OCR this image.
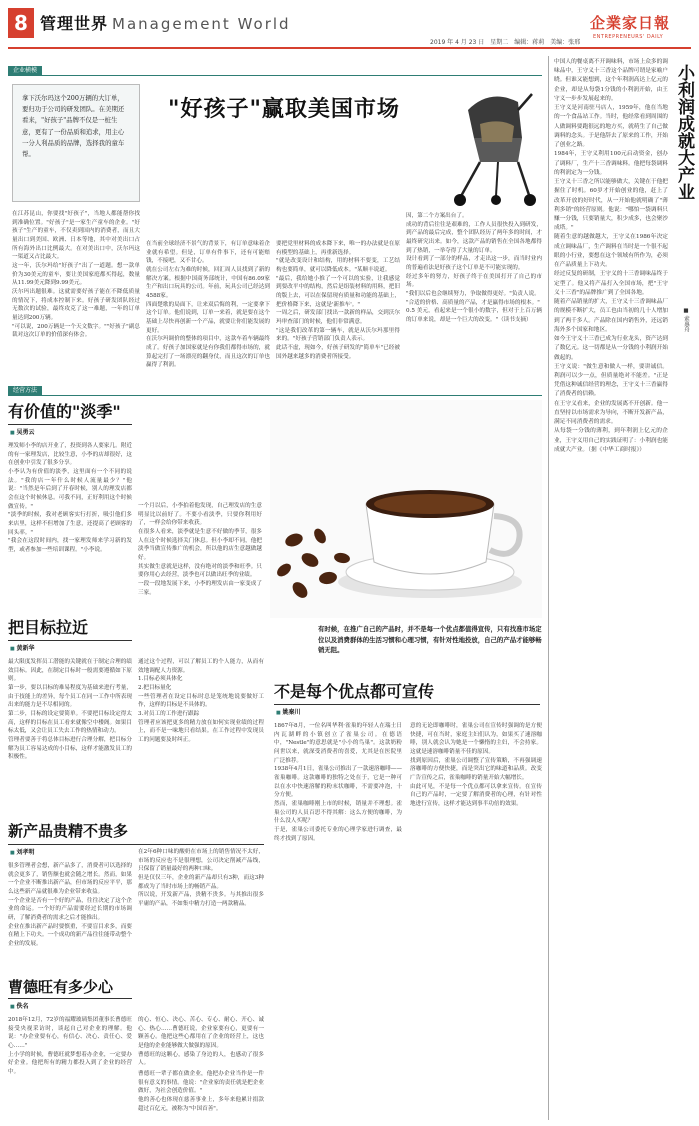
8 管理世界 Management World
2019 年 4 月 23 日　星期二　编辑：蒋莉　美编：张邢
企業家日報
ENTREPRENEURS' DAILY
企业横模

拿下沃尔玛这个200万辆的大订单，要归功于公司的研发团队。在美期还看来，"好孩子"品牌不仅是一桩生意，更有了一份品质和追求，用主心一分人利品质的品牌，选择我的童车帮。

"好孩子"赢取美国市场
在江苏昆山，你要找"好孩子"，当地人都能帮你找到准确位置。"好孩子"是一家生产童车的企业。"好孩子"生产的童车，不仅卖到国内的消费者，而且大量出口到美国、欧洲、日本等地，其中对美出口占所有海外出口比例最大。在对美出口中，沃尔玛这一渠道又占比最大。
这一年，沃尔玛给"好孩子"出了一道题。想一款单价为30美元的童车，要让美国家庭都买得起，数量从11.99美元降到9.99美元。
沃尔玛出题很难。这就需要好孩子能在不降低质量的情况下，将成本控制下来。好孩子研发团队经过无数次的试验，最终攻克了这一难题，一年的订单量达到200万辆。
"可以说，200万辆是一个天文数字。""好孩子"副总裁对这次订单的价值深有体会。
在当前全球经济不景气的背景下，有订单意味着企业就有希望。但是，订单有件事下，还有可能赔钱，不接吧，又不甘心。
就在公司左右为难的时候，回汇周人员找到了新的解决方案。根据中国商务部统计，中国有86.09家生产和出口玩具的公司。年前，玩具公司已经达到4588家。
四面楚歌的局面下，让来双后悔的利，一定要拿下这个订单。他们说到，订单一来着，就是要在这个基础上尽快再创新一个产品，就要让你们能发展的更好。
在沃尔玛调价的整体的项目中，这款车着车辆最终成了。好孩子加国家就是有你我们都得市场的，就算起完打了一场漂亮的翻身仗，而且这次的订单也赢得了利润。
要把党里材料的成本降下来，唯一的办法就是在原有模型的基础上，再重新选择。
"就是改变设计和结构，用的材料不要变，工艺结构也要简单，就可以降低成本。"某顺丰说道。
"最后，我给她小推了一个可以的实验，让我感觉到要改平中的结构，然后是组装材料的用料，把旧的版上去，可以在保留现有质量和功能的基础上，把价格降下来，这就是'新推车'。"
一周之后，研发部门找出一款新的样品，交到沃尔玛审查部门的时候，他们非常满意。
"这是我们改革的第一辆车，就是从沃尔玛那里得来的。"好孩子营销部门负责人表示。
此话不虚，现如今，好孩子研发的"简单车"已经被国外越来越多的消费者所接受。
因，第二个方案出台了。
成功的背后往往是艰难的，工作人员很快投入到研发，到产品的最后完成，整个团队经历了两年多的时间，才最终研究出来。如今，这款产品的销售在全国各地都得到了热销，一举夺得了大量的订单。
设计看到了一部分的样品，才走出这一步，而当时业内的普遍看法是好孩子这个订单是不可能实现的。
经过多年的努力，好孩子终于在美国打开了自己的市场。
"我们以后也会继续努力，争取做得更好。"负责人说。
"合适的价格、高质量的产品，才是赢得市场的根本。"
0.5 美元，看起来是一个很小的数字，但对于上百万辆的订单来说，却是一个巨大的改变。"（读书支摘）
小利润成就大产业
■ 索惠舟
中国人的餐桌离不开调味料，市场上众多的调味品中，王守义十三香这个品牌可谓是家喻户晓。但谁又能想到，这个年利润高达上亿元的企业，却是从每袋1分钱的小利润开始，由王守义一步步发展起来的。
王守义是河南驻马店人，1959年，他在当地的一个食品站工作。当时，他经常看到周围的人做调料要跑很远的地方买，就萌生了自己做调料的念头。于是他辞去了原来的工作，开始了创业之路。
1984年，王守义利用100元启动资金，创办了调料厂，生产十三香调味料。他把每袋调料的利润定为一分钱。
王守义十三香之所以能够做大，关键在于他把握住了时机。60岁才开始创业的他，赶上了改革开放的好时代，从一开始他就明确了"薄利多销"的经营原则。他说："哪怕一袋调料只赚一分钱，只要销量大，积少成多，也会聚沙成塔。"
随着生意的越做越大，王守义在1986年决定成立调味品厂，生产调料在当时是一个很不起眼的小行业，要想在这个领域有所作为，必须在产品质量上下功夫。
经过反复的研制，王守义的十三香调味品终于定型了。他又将产品打入全国市场，把"王守义十三香"的品牌推广到了全国各地。
随着产品销量的扩大，王守义十三香调味品厂的规模不断扩大，员工也由当初的几十人增加到了两千多人。产品除在国内销售外，还远销海外多个国家和地区。
如今王守义十三香已成为行业龙头，资产达到了数亿元。这一切都是从一分钱的小利润开始做起的。
王守义说："做生意和做人一样，要讲诚信。利润可以少一点，但质量绝对不能差。"正是凭借这种诚信经营的理念，王守义十三香赢得了消费者的信赖。
在王守义看来，企业的发展离不开创新。他一直坚持以市场需求为导向，不断开发新产品，满足不同消费者的需求。
从每袋一分钱的薄利，到年利润上亿元的企业，王守义用自己的实践证明了：小利润也能成就大产业。（据《中华工商时报》）
经营方法
有价值的"淡季"
■ 吴勇云
理发师小李的店开业了，投资到各人要家几。附近的有一家理发店，比较生意，小李的店却很好，这在创业中引发了很多分享。
小李认为有价值的淡季，这里面有一个不同的说法。"我的店一年什么时候人流量最少？"他说："当然是年后到了开春时候，别人的理发店都会在这个时候休息。可我不同，正好利用这个时候做宣传。"
"淡季的时候，我对老顾客实行打折，吸引他们多来店里，这样不但增加了生意，还提高了老顾客的回头率。"
"我会在这段时间内，找一家理发师来学习新的发型，或者参加一些培训课程。"小李说。
一个月以后，小李拍着他发现，自己理发店的生意明显比以前好了。不要小看淡季，只要你利用好了，一样会给你带来收获。
在很多人看来，淡季就是生意不好做的季节，很多人在这个时候选择关门休息。但小李却不同，他把淡季当做宣传推广的机会，所以他的店生意越做越好。
其实做生意就是这样，没有绝对的淡季和旺季。只要你用心去经营，淡季也可以做出旺季的业绩。
一段一段地发展下来，小李的理发店由一家变成了三家。
有时候，在推广自己的产品时，并不是每一个优点都值得宣传，只有找准市场定位以及消费群体的生活习惯和心理习惯，有针对性地投放，自己的产品才能够畅销无阻。
把目标拉近
■ 黄新华
最大限度发挥员工潜能的关键就在于制定合理的绩效目标。因此，在制定目标时一般需要遵循如下原则。
第一步，要以目标的难易程度为基础来进行考量，由于技能上的差异，每个员工在同一工作中所表现出来的能力是不尽相同的。
第二步，目标的设定要简单。不要把目标设定得太高，这样的目标在员工看来就像空中楼阁。如果目标太低，又会让员工失去工作的热情和动力。
管理者要善于将总体目标进行合理分解，把目标分解为员工容易达成的小目标，这样才能激发员工的积极性。
通过这个过程，可以了解员工的个人能力，从而有效地调配人力资源。
1.目标必须具体化
2.把目标量化
一些管理者在设定目标时总是笼统地说要做好工作，这样的目标是不具体的。
3.对员工的工作进行跟踪
管理者应该把更多的精力放在如何实现业绩的过程上，而不是一味地只看结果。在工作过程中发现员工的问题要及时纠正。
不是每个优点都可宣传
■ 姚秦川
1867年8月，一位名叫华利·雀巢的年轻人在瑞士日内瓦湖畔的小镇创立了雀巢公司。在德语中，"Nestle"的意思就是"小小的鸟巢"。这款奶粉问世以来，就深受消费者的喜爱，尤其是在医院里广泛推荐。
1938年4月1日，雀巢公司推出了一款速溶咖啡——雀巢咖啡。这款咖啡的独特之处在于，它是一种可以在水中快速溶解的粉末状咖啡，不需要冲泡，十分方便。
然而，雀巢咖啡刚上市的时候，销量并不理想。雀巢公司的人员百思不得其解：这么方便的咖啡，为什么没人买呢？
于是，雀巢公司委托专业的心理学家进行调查，最终才找到了原因。
意的无论即咖啡时，雀巢公司在宣传时强调的是方便快捷，可在当时，家庭主妇们认为，如果买了速溶咖啡，别人就会认为她是一个懒惰的主妇，不会持家。这就是速溶咖啡销量不佳的原因。
找到原因后，雀巢公司调整了宣传策略，不再强调速溶咖啡的方便快捷，而是突出它的味道和品质。改变广告宣传之后，雀巢咖啡的销量开始大幅增长。
由此可见，不是每一个优点都可以拿来宣传。在宣传自己的产品时，一定要了解消费者的心理，有针对性地进行宣传，这样才能达到事半功倍的效果。
新产品贵精不贵多
■ 刘孝明
很多管理者会想，新产品多了，消费者可以选择的就会更多了，销售额也就会随之增长。然而，如果一个企业不断推出新产品，但市场的反应平平，那么这些新产品就很难为企业带来收益。
一个企业是否有一个好的产品，往往决定了这个企业的命运。一个好的产品需要经过长期的市场调研，了解消费者的需求之后才能推出。
企业在推出新产品时要慎重，不要盲目求多，而要在精上下功夫。一个成功的新产品往往能带动整个企业的发展。
在2年6种口味的酸奶在市场上的销售情况不太好，市场的反应也不是很理想，公司决定削减产品线，只保留了销量最好的两种口味。
但是仅仅三年，企业的新产品却只有3种，而这3种都成为了当时市场上的畅销产品。
所以说，开发新产品，贵精不贵多。与其推出很多平庸的产品，不如集中精力打造一两款精品。
曹德旺有多少心
■ 佚名
2018年12月，72岁的福耀玻璃集团董事长曹德旺接受央视采访时，谈起自己对企业的理解。他说："办企业要有心，有信心、决心、责任心、爱心……"
上小学的时候，曹德旺就梦想着办企业，一定要办好企业。他把所有的精力都投入到了企业的经营中。
的心、恒心、决心、苦心、专心、耐心、开心、诚心、热心……曹德旺说，企业家要有心，更要有一颗善心。他把这些心都用在了企业的经营上，这也是他的企业能够做大做强的原因。
曹德旺的这颗心，感染了身边的人，也感动了很多人。
曹德旺一辈子都在做企业，他把办企业当作是一件很有意义的事情。他说："企业家的责任就是把企业做好，为社会创造价值。"
他的善心也体现在慈善事业上，多年来他累计捐款超过百亿元，被称为"中国首善"。
